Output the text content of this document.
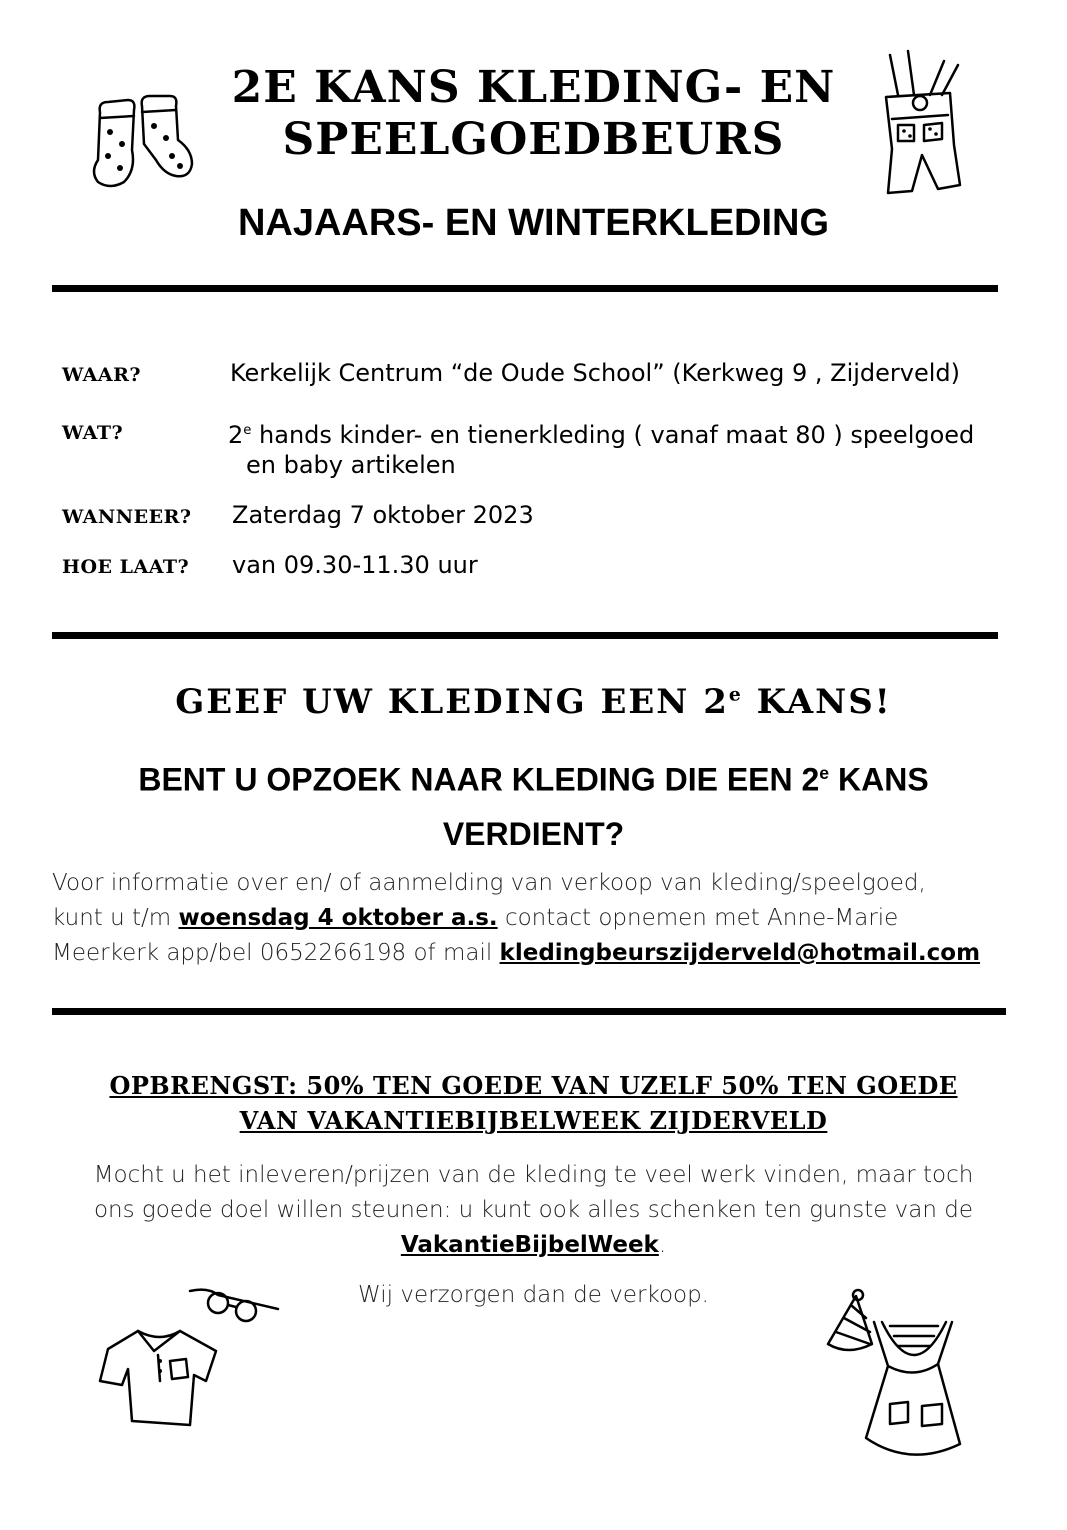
2E KANS KLEDING- EN
SPEELGOEDBEURS
NAJAARS- EN WINTERKLEDING
WAAR?	Kerkelijk Centrum “de Oude School” (Kerkweg 9 , Zijderveld)
WAT?	2e hands kinder- en tienerkleding ( vanaf maat 80 ) speelgoed
en baby artikelen
WANNEER? Zaterdag 7 oktober 2023
HOE LAAT? van 09.30-11.30 uur
GEEF UW KLEDING EEN 2e KANS!
BENT U OPZOEK NAAR KLEDING DIE EEN 2e KANS
VERDIENT?
Voor informatie over en/ of aanmelding van verkoop van kleding/speelgoed,
kunt u t/m woensdag 4 oktober a.s. contact opnemen met Anne-Marie
Meerkerk app/bel 0652266198 of mail kledingbeurszijderveld@hotmail.com
OPBRENGST: 50% TEN GOEDE VAN UZELF 50% TEN GOEDE
VAN VAKANTIEBIJBELWEEK ZIJDERVELD
Mocht u het inleveren/prijzen van de kleding te veel werk vinden, maar toch
ons goede doel willen steunen: u kunt ook alles schenken ten gunste van de
VakantieBijbelWeek.
Wij verzorgen dan de verkoop.
